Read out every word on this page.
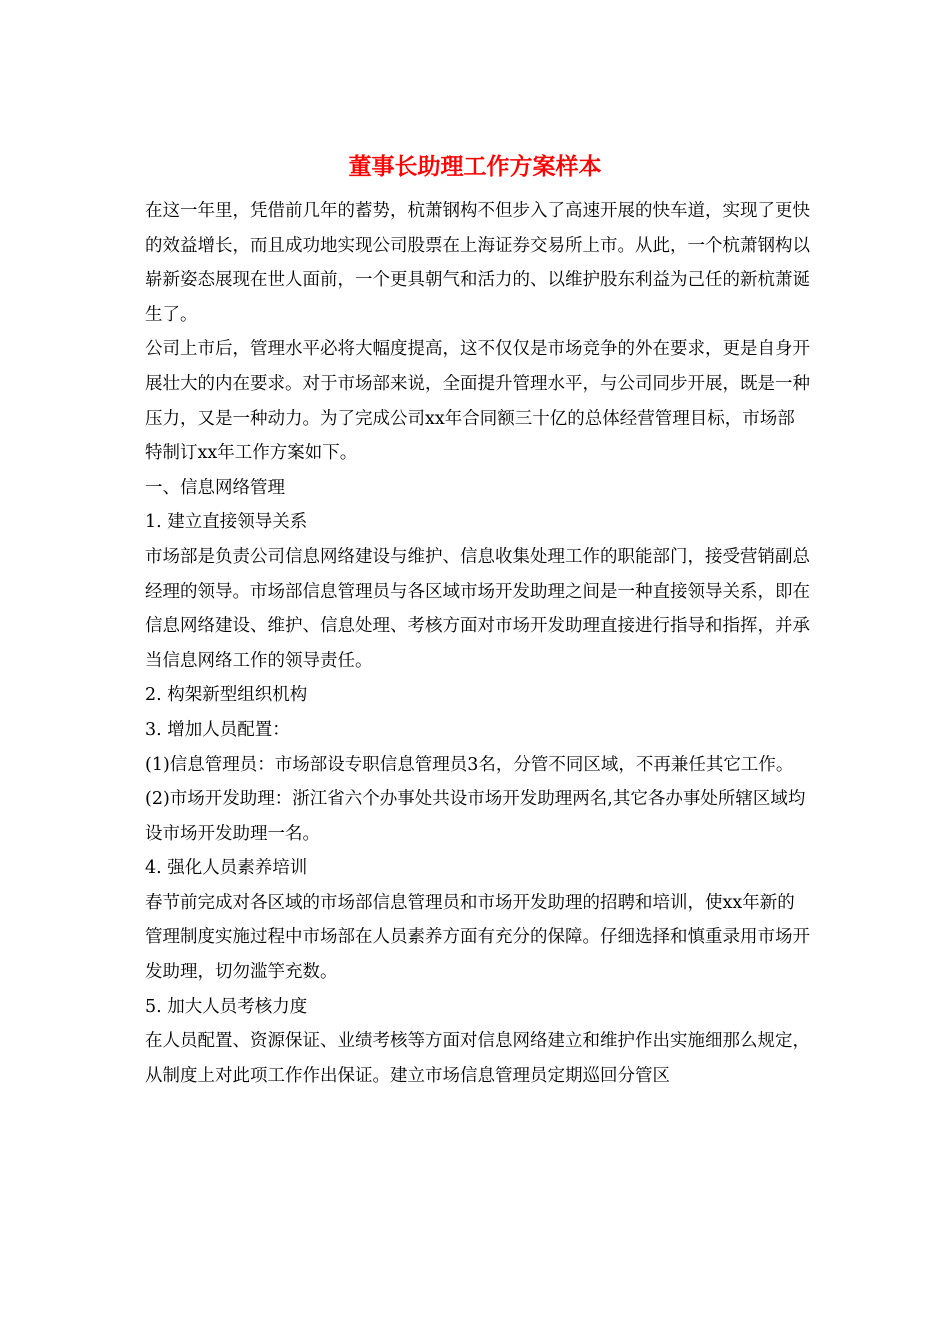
董事长助理工作方案样本

在这一年里，凭借前几年的蓄势，杭萧钢构不但步入了高速开展的快车道，实现了更快的效益增长，而且成功地实现公司股票在上海证券交易所上市。从此，一个杭萧钢构以崭新姿态展现在世人面前，一个更具朝气和活力的、以维护股东利益为己任的新杭萧诞生了。

公司上市后，管理水平必将大幅度提高，这不仅仅是市场竞争的外在要求，更是自身开展壮大的内在要求。对于市场部来说，全面提升管理水平，与公司同步开展，既是一种压力，又是一种动力。为了完成公司xx年合同额三十亿的总体经营管理目标，市场部特制订xx年工作方案如下。

一、信息网络管理

1. 建立直接领导关系

市场部是负责公司信息网络建设与维护、信息收集处理工作的职能部门，接受营销副总经理的领导。市场部信息管理员与各区域市场开发助理之间是一种直接领导关系，即在信息网络建设、维护、信息处理、考核方面对市场开发助理直接进行指导和指挥，并承当信息网络工作的领导责任。

2. 构架新型组织机构

3. 增加人员配置：

(1)信息管理员：市场部设专职信息管理员3名，分管不同区域，不再兼任其它工作。

(2)市场开发助理：浙江省六个办事处共设市场开发助理两名,其它各办事处所辖区域均设市场开发助理一名。

4. 强化人员素养培训

春节前完成对各区域的市场部信息管理员和市场开发助理的招聘和培训，使xx年新的管理制度实施过程中市场部在人员素养方面有充分的保障。仔细选择和慎重录用市场开发助理，切勿滥竽充数。

5. 加大人员考核力度

在人员配置、资源保证、业绩考核等方面对信息网络建立和维护作出实施细那么规定，从制度上对此项工作作出保证。建立市场信息管理员定期巡回分管区
